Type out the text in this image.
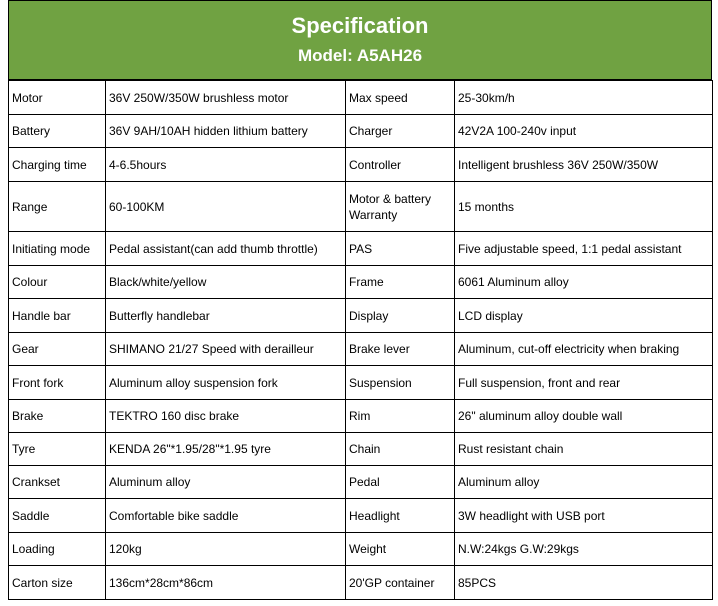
Specification
Model: A5AH26
Motor	36V 250W/350W brushless motor	Max speed	25-30km/h
Battery	36V 9AH/10AH hidden lithium battery	Charger	42V2A 100-240v input
Charging time	4-6.5hours	Controller	Intelligent brushless 36V 250W/350W
Range	60-100KM	Motor & battery Warranty	15 months
Initiating mode	Pedal assistant(can add thumb throttle)	PAS	Five adjustable speed, 1:1 pedal assistant
Colour	Black/white/yellow	Frame	6061 Aluminum alloy
Handle bar	Butterfly handlebar	Display	LCD display
Gear	SHIMANO 21/27 Speed with derailleur	Brake lever	Aluminum, cut-off electricity when braking
Front fork	Aluminum alloy suspension fork	Suspension	Full suspension, front and rear
Brake	TEKTRO 160 disc brake	Rim	26" aluminum alloy double wall
Tyre	KENDA 26"*1.95/28"*1.95 tyre	Chain	Rust resistant chain
Crankset	Aluminum alloy	Pedal	Aluminum alloy
Saddle	Comfortable bike saddle	Headlight	3W headlight with USB port
Loading	120kg	Weight	N.W:24kgs G.W:29kgs
Carton size	136cm*28cm*86cm	20'GP container	85PCS
